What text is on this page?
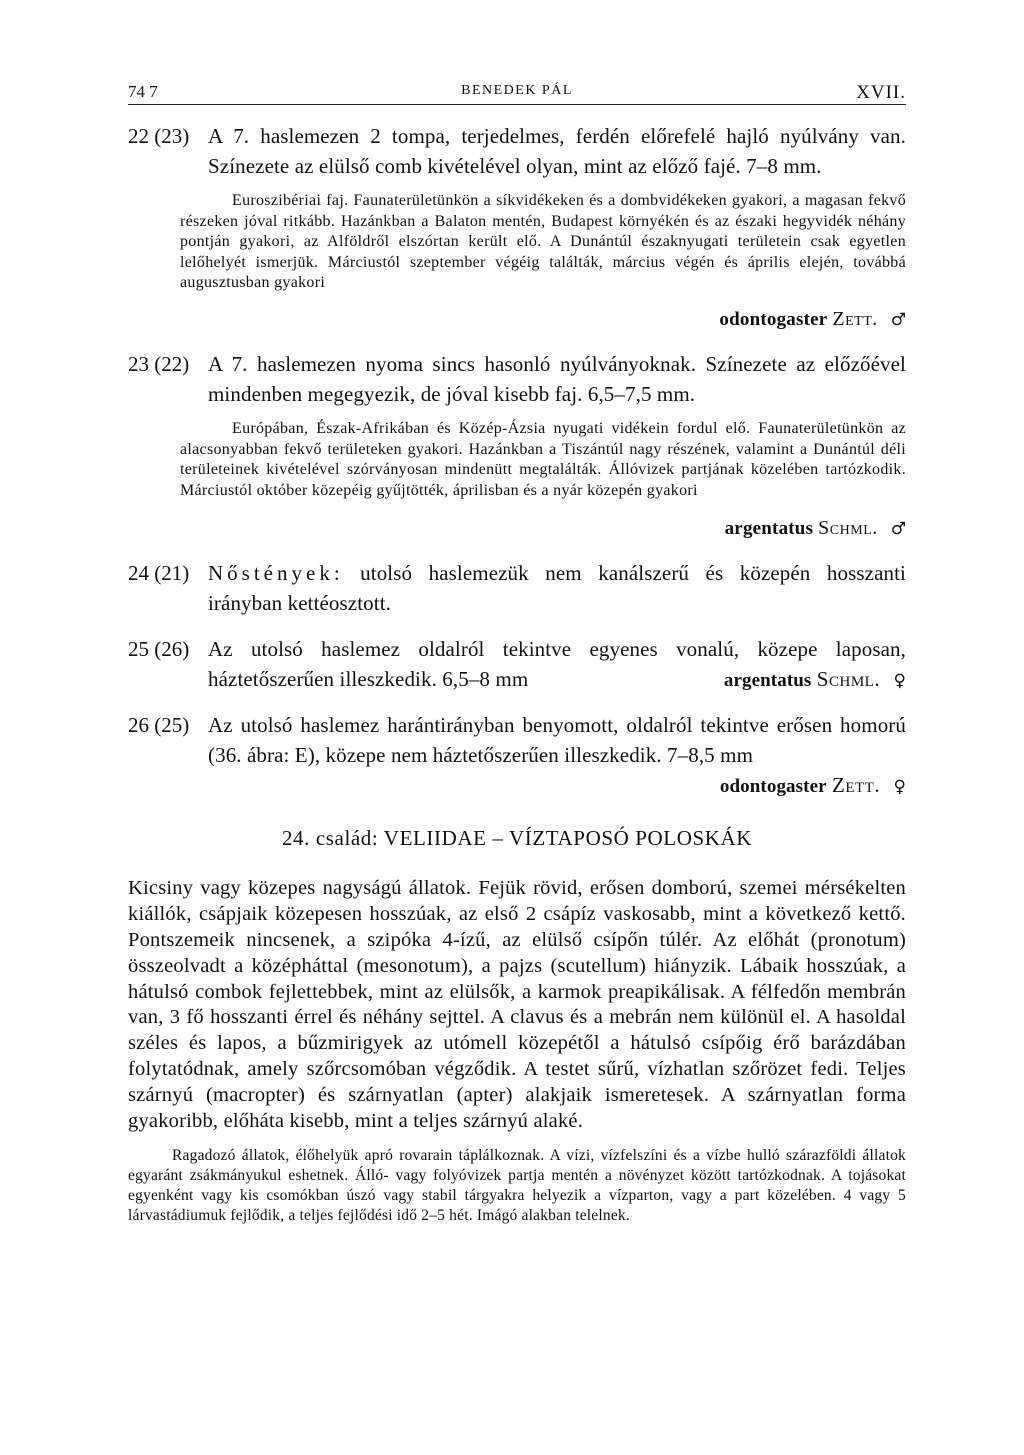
74 7	BENEDEK PÁL	XVII.
22 (23) A 7. haslemezen 2 tompa, terjedelmes, ferdén előrefelé hajló nyúlvány van. Színezete az elülső comb kivételével olyan, mint az előző fajé. 7–8 mm.
Euroszibériai faj. Faunaterületünkön a síkvidékeken és a dombvidékeken gyakori, a magasan fekvő részeken jóval ritkább. Hazánkban a Balaton mentén, Budapest környékén és az északi hegyvidék néhány pontján gyakori, az Alföldről elszórtan került elő. A Dunántúl északnyugati területein csak egyetlen lelőhelyét ismerjük. Márciustól szeptember végéig találták, március végén és április elején, továbbá augusztusban gyakori
odontogaster Zett. ♂
23 (22) A 7. haslemezen nyoma sincs hasonló nyúlványoknak. Színezete az előzőével mindenben megegyezik, de jóval kisebb faj. 6,5–7,5 mm.
Európában, Észak-Afrikában és Közép-Ázsia nyugati vidékein fordul elő. Faunaterületünkön az alacsonyabban fekvő területeken gyakori. Hazánkban a Tiszántúl nagy részének, valamint a Dunántúl déli területeinek kivételével szórványosan mindenütt megtalálták. Állóvizek partjának közelében tartózkodik. Márciustól október közepéig gyűjtötték, áprilisban és a nyár közepén gyakori
argentatus Schml. ♂
24 (21) Nőstények: utolsó haslemezük nem kanálszerű és közepén hosszanti irányban kettéosztott.
25 (26) Az utolsó haslemez oldalról tekintve egyenes vonalú, közepe laposan, háztetőszerűen illeszkedik. 6,5–8 mm	argentatus Schml. ♀
26 (25) Az utolsó haslemez harántirányban benyomott, oldalról tekintve erősen homorú (36. ábra: E), közepe nem háztetőszerűen illeszkedik. 7–8,5 mm
odontogaster Zett. ♀
24. család: VELIIDAE – VÍZTAPOSÓ POLOSKÁK
Kicsiny vagy közepes nagyságú állatok. Fejük rövid, erősen domború, szemei mérsékelten kiállók, csápjaik közepesen hosszúak, az első 2 csápíz vaskosabb, mint a következő kettő. Pontszemeik nincsenek, a szipóka 4-ízű, az elülső csípőn túlér. Az előhát (pronotum) összeolvadt a középháttal (mesonotum), a pajzs (scutellum) hiányzik. Lábaik hosszúak, a hátulsó combok fejlettebbek, mint az elülsők, a karmok preapikálisak. A félfedőn membrán van, 3 fő hosszanti érrel és néhány sejttel. A clavus és a mebrán nem különül el. A hasoldal széles és lapos, a bűzmirigyek az utómell közepétől a hátulsó csípőig érő barázdában folytatódnak, amely szőrcsomóban végződik. A testet sűrű, vízhatlan szőrözet fedi. Teljes szárnyú (macropter) és szárnyatlan (apter) alakjaik ismeretesek. A szárnyatlan forma gyakoribb, előháta kisebb, mint a teljes szárnyú alaké.
Ragadozó állatok, élőhelyük apró rovarain táplálkoznak. A vízi, vízfelszíni és a vízbe hulló szárazföldi állatok egyaránt zsákmányukul eshetnek. Álló- vagy folyóvizek partja mentén a növényzet között tartózkodnak. A tojásokat egyenként vagy kis csomókban úszó vagy stabil tárgyakra helyezik a vízparton, vagy a part közelében. 4 vagy 5 lárvastádiumuk fejlődik, a teljes fejlődési idő 2–5 hét. Imágó alakban telelnek.
